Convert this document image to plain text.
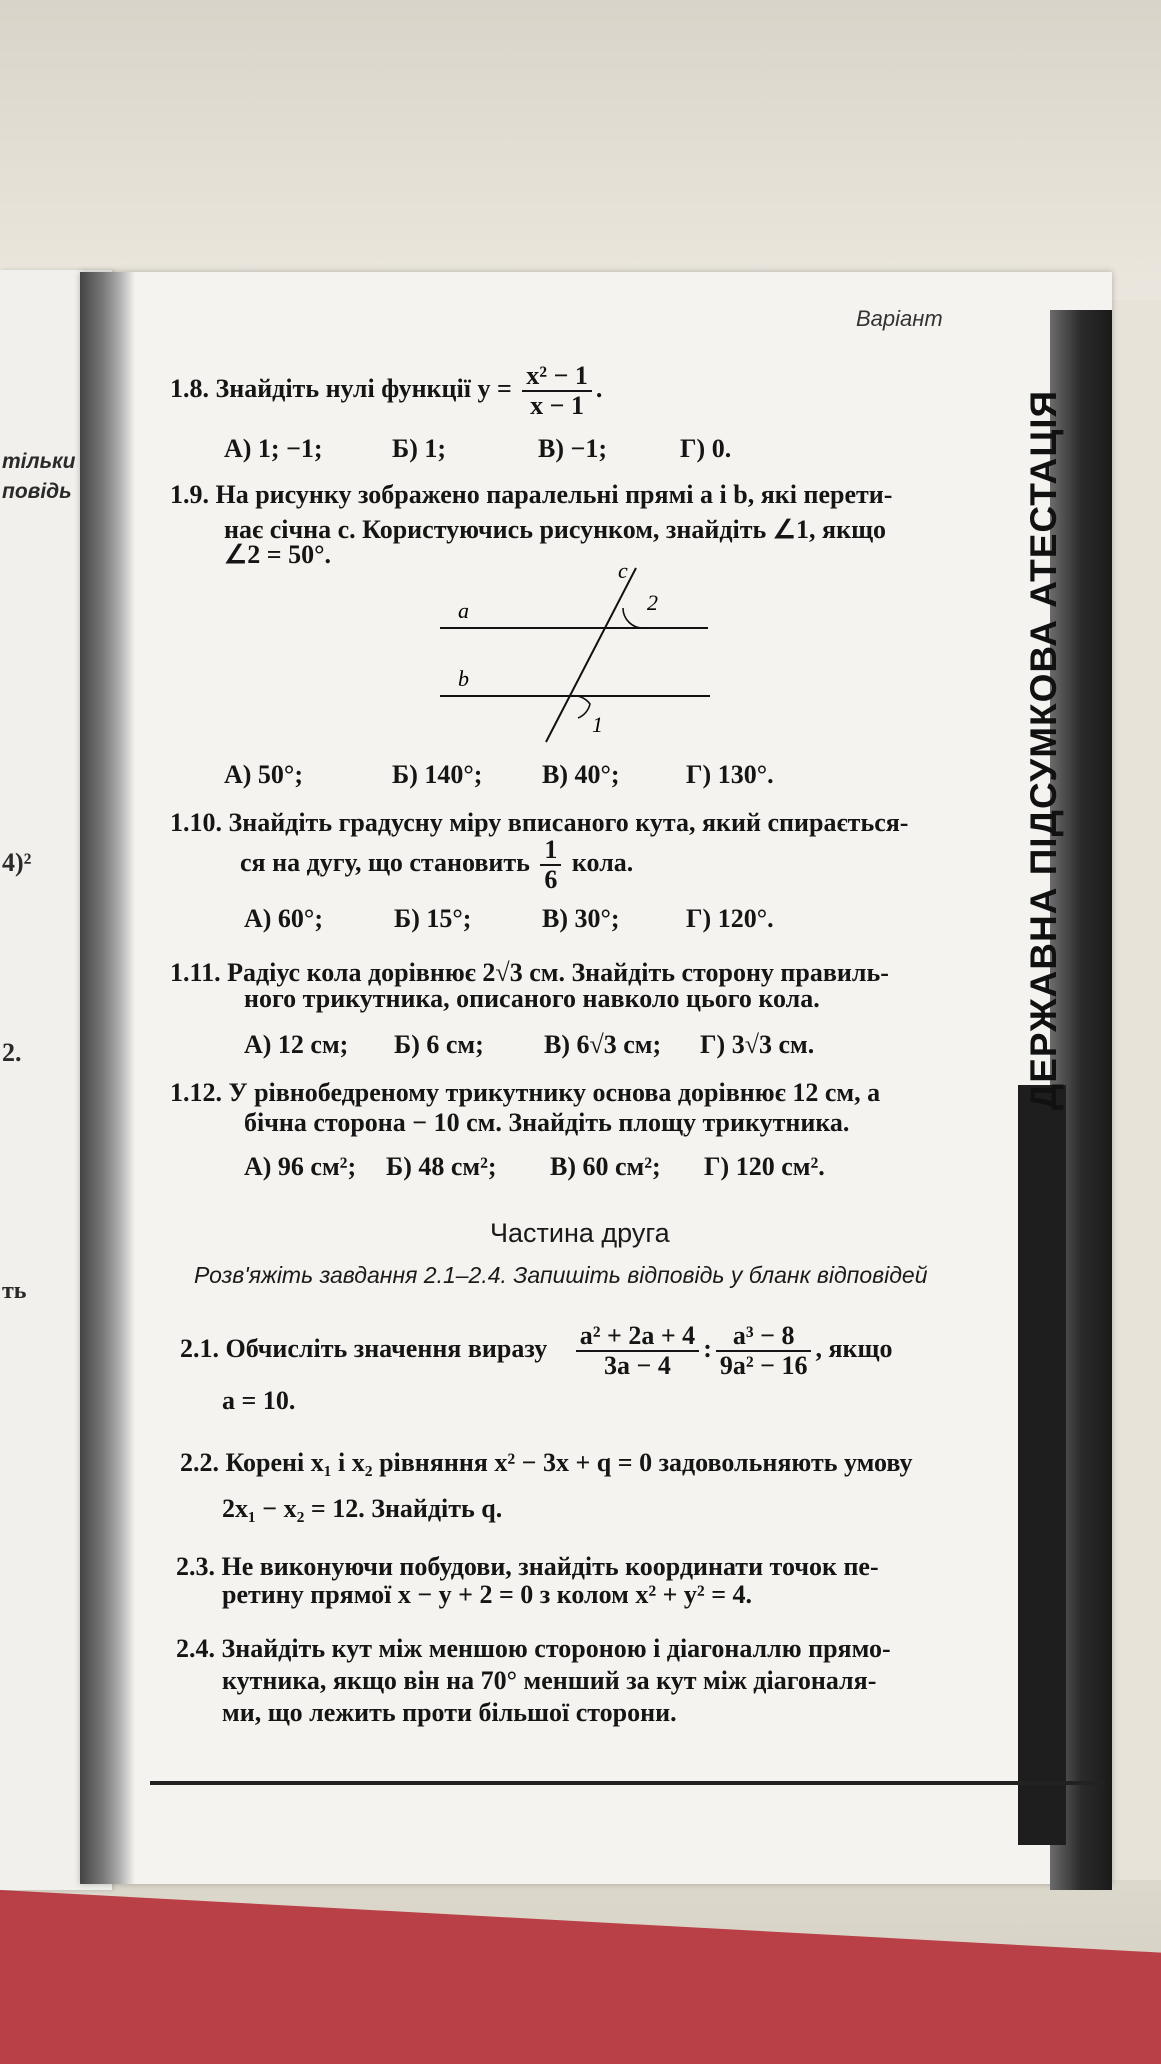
тільки
повідь
4)²
2.
ть
ДЕРЖАВНА ПІДСУМКОВА АТЕСТАЦІЯ
Варіант
1.8. Знайдіть нулі функції $y = \frac{\text{x² − 1}}{x - 1}$ .
А) 1; −1;	Б) 1;	В) −1;	Г) 0.
1.9. На рисунку зображено паралельні прямі a і b, які перети-
нає січна c. Користуючись рисунком, знайдіть ∠1, якщо
∠2 = 50°.
a
b
c
2
1
А) 50°;	Б) 140°; В) 40°;	Г) 130°.
1.10. Знайдіть градусну міру вписаного кута, який спирається-
ся на дугу, що становить $\frac{1}{6}$ кола.
А) 60°;	Б) 15°;	В) 30°;	Г) 120°.
1.11. Радіус кола дорівнює 2√3 см. Знайдіть сторону правиль-
ного трикутника, описаного навколо цього кола.
А) 12 см; Б) 6 см; В) 6√3 см; Г) 3√3 см.
1.12. У рівнобедреному трикутнику основа дорівнює 12 см, а
бічна сторона − 10 см. Знайдіть площу трикутника.
А) 96 см²; Б) 48 см²; В) 60 см²; Г) 120 см².
Частина друга
Розв'яжіть завдання 2.1–2.4. Запишіть відповідь у бланк відповідей
2.1. Обчисліть значення виразу $\frac{\text{a² + 2a + 4}}{3a - 4}$ : $\frac{\text{a³ − 8}}{\text{9a² − 16}}$ , якщо
a = 10.
2.2. Корені x₁ і x₂ рівняння x² − 3x + q = 0 задовольняють умову
2x₁ − x₂ = 12. Знайдіть q.
2.3. Не виконуючи побудови, знайдіть координати точок пе-
ретину прямої x − y + 2 = 0 з колом x² + y² = 4.
2.4. Знайдіть кут між меншою стороною і діагоналлю прямо-
кутника, якщо він на 70° менший за кут між діагоналя-
ми, що лежить проти більшої сторони.
